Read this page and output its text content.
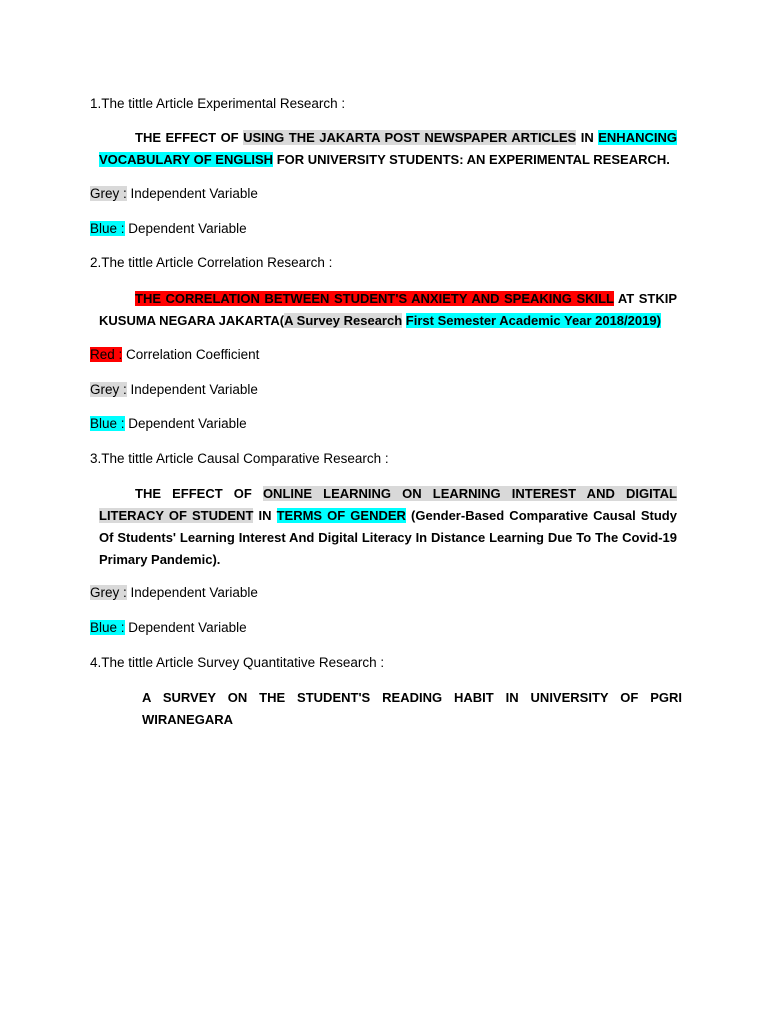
1.The tittle Article Experimental Research :
THE EFFECT OF USING THE JAKARTA POST NEWSPAPER ARTICLES IN ENHANCING VOCABULARY OF ENGLISH FOR UNIVERSITY STUDENTS: AN EXPERIMENTAL RESEARCH.
Grey : Independent Variable
Blue : Dependent Variable
2.The tittle Article Correlation Research :
THE CORRELATION BETWEEN STUDENT'S ANXIETY AND SPEAKING SKILL AT STKIP KUSUMA NEGARA JAKARTA(A Survey Research First Semester Academic Year 2018/2019)
Red : Correlation Coefficient
Grey : Independent Variable
Blue : Dependent Variable
3.The tittle Article Causal Comparative Research :
THE EFFECT OF ONLINE LEARNING ON LEARNING INTEREST AND DIGITAL LITERACY OF STUDENT IN TERMS OF GENDER (Gender-Based Comparative Causal Study Of Students' Learning Interest And Digital Literacy In Distance Learning Due To The Covid-19 Primary Pandemic).
Grey : Independent Variable
Blue : Dependent Variable
4.The tittle Article Survey Quantitative Research :
A SURVEY ON THE STUDENT'S READING HABIT IN UNIVERSITY OF PGRI WIRANEGARA
